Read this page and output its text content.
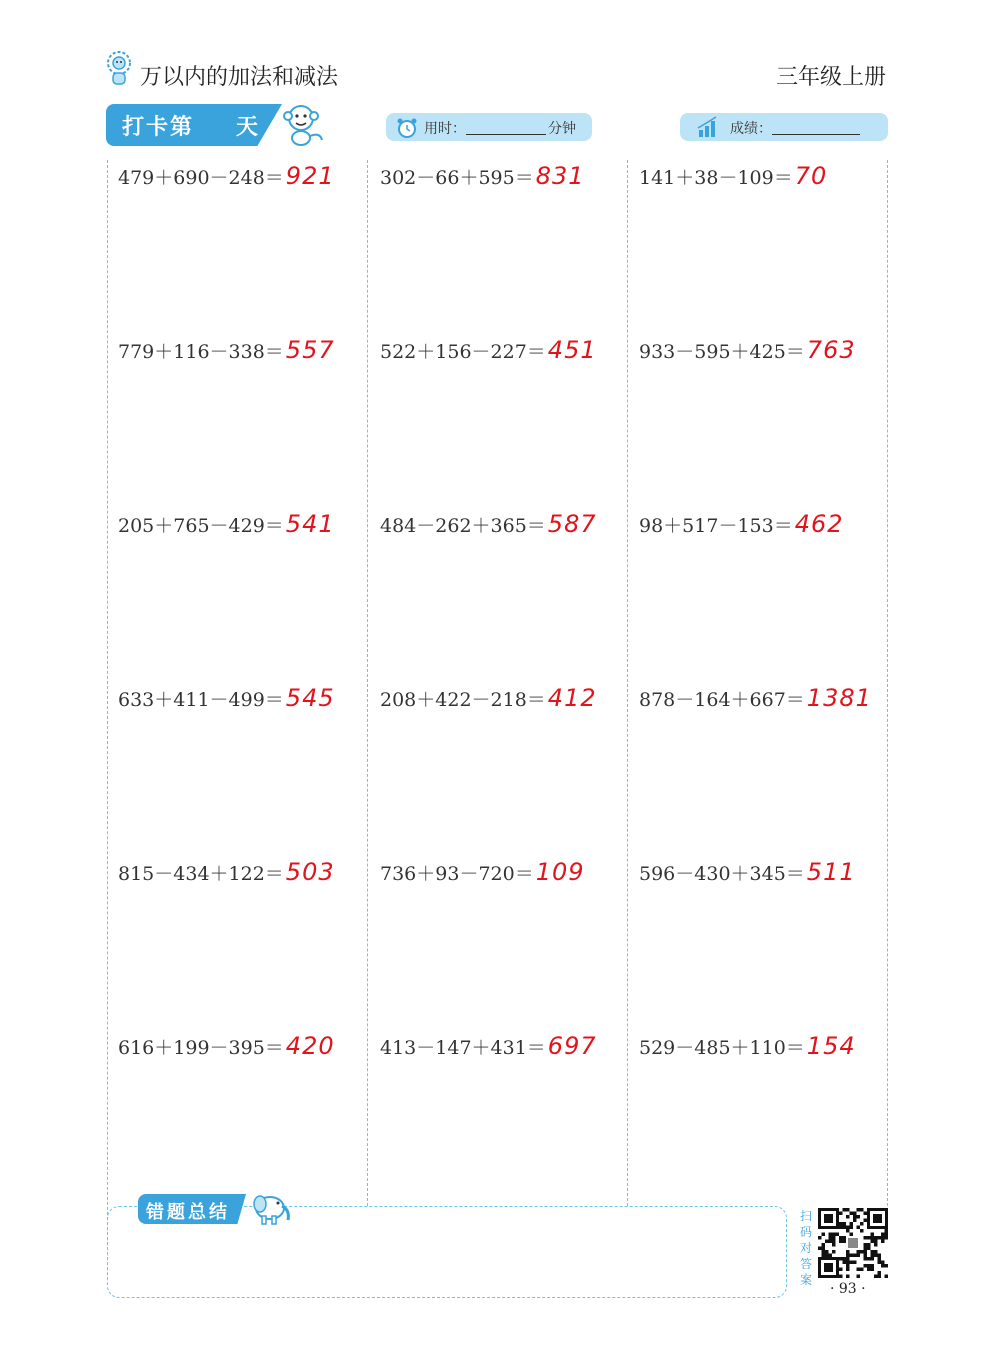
万以内的加法和减法	三年级上册
打卡第 天	用时：	分钟	成绩：
479＋690－248＝921
779＋116－338＝557
205＋765－429＝541
633＋411－499＝545
815－434＋122＝503
616＋199－395＝420
302－66＋595＝831
522＋156－227＝451
484－262＋365＝587
208＋422－218＝412
736＋93－720＝109
413－147＋431＝697
141＋38－109＝70
933－595＋425＝763
98＋517－153＝462
878－164＋667＝1381
596－430＋345＝511
529－485＋110＝154
错题总结	扫码对答案
· 93 ·
